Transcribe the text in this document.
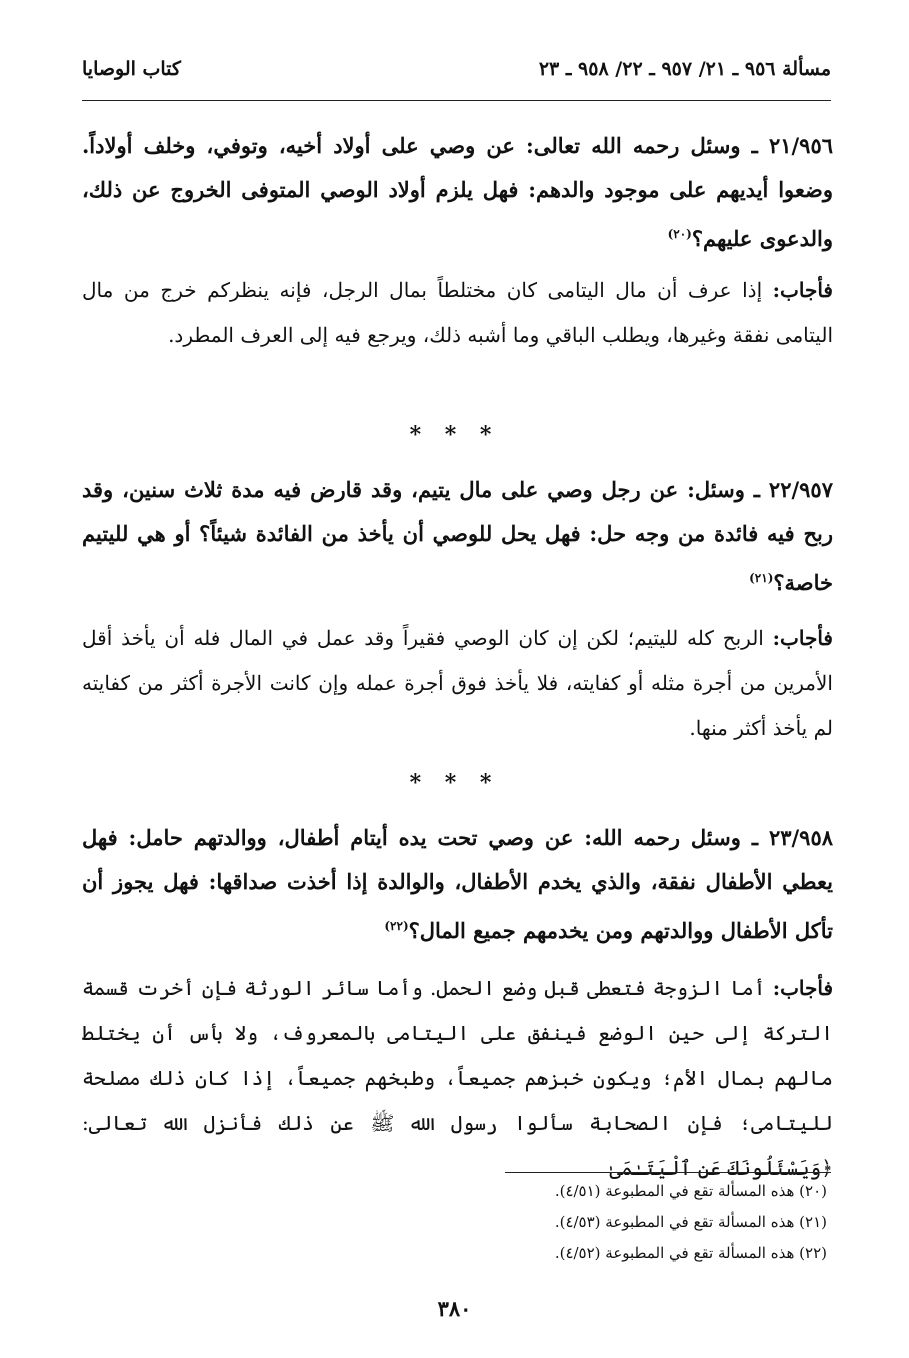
مسألة ٩٥٦ ـ ٢١/ ٩٥٧ ـ ٢٢/ ٩٥٨ ـ ٢٣
كتاب الوصايا
٢١/٩٥٦ ـ وسئل رحمه الله تعالى: عن وصي على أولاد أخيه، وتوفي، وخلف أولاداً. وضعوا أيديهم على موجود والدهم: فهل يلزم أولاد الوصي المتوفى الخروج عن ذلك، والدعوى عليهم؟$^{(٢٠)}$
فأجاب: إذا عرف أن مال اليتامى كان مختلطاً بمال الرجل، فإنه ينظركم خرج من مال اليتامى نفقة وغيرها، ويطلب الباقي وما أشبه ذلك، ويرجع فيه إلى العرف المطرد.
* * *
٢٢/٩٥٧ ـ وسئل: عن رجل وصي على مال يتيم، وقد قارض فيه مدة ثلاث سنين، وقد ربح فيه فائدة من وجه حل: فهل يحل للوصي أن يأخذ من الفائدة شيئاً؟ أو هي لليتيم خاصة؟$^{(٢١)}$
فأجاب: الربح كله لليتيم؛ لكن إن كان الوصي فقيراً وقد عمل في المال فله أن يأخذ أقل الأمرين من أجرة مثله أو كفايته، فلا يأخذ فوق أجرة عمله وإن كانت الأجرة أكثر من كفايته لم يأخذ أكثر منها.
* * *
٢٣/٩٥٨ ـ وسئل رحمه الله: عن وصي تحت يده أيتام أطفال، ووالدتهم حامل: فهل يعطي الأطفال نفقة، والذي يخدم الأطفال، والوالدة إذا أخذت صداقها: فهل يجوز أن تأكل الأطفال ووالدتهم ومن يخدمهم جميع المال؟$^{(٢٢)}$
فأجاب: أما الزوجة فتعطى قبل وضع الحمل. وأما سائر الورثة فإن أخرت قسمة التركة إلى حين الوضع فينفق على اليتامى بالمعروف، ولا بأس أن يختلط مالهم بمال الأم؛ ويكون خبزهم جميعاً، وطبخهم جميعاً، إذا كان ذلك مصلحة لليتامى؛ فإن الصحابة سألوا رسول الله ﷺ عن ذلك فأنزل الله تعالى: ﴿وَيَسْئَلُونَكَ عَنِ ٱلْيَتَـٰمَىٰ
(٢٠) هذه المسألة تقع في المطبوعة (٤/٥١).
(٢١) هذه المسألة تقع في المطبوعة (٤/٥٣).
(٢٢) هذه المسألة تقع في المطبوعة (٤/٥٢).
٣٨٠
